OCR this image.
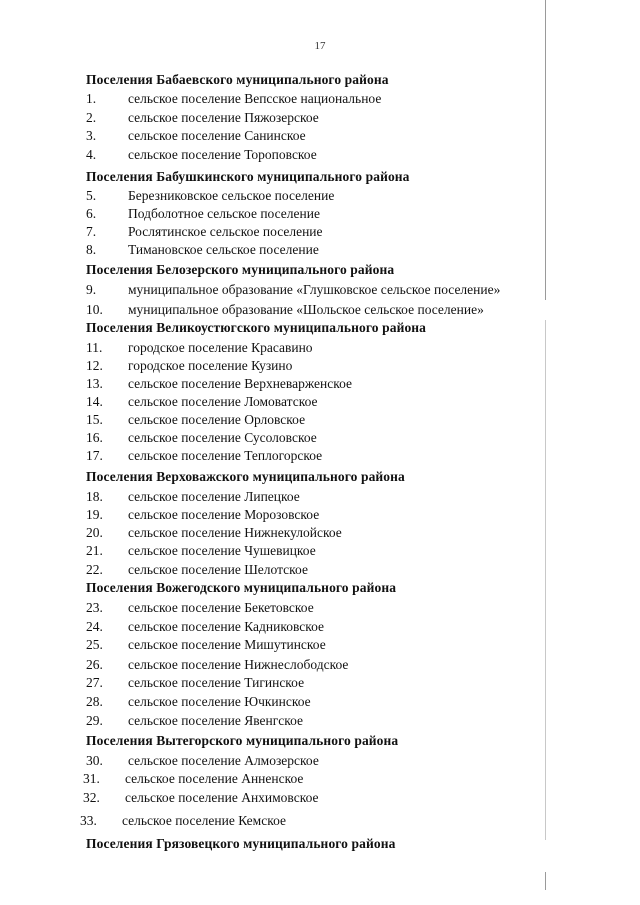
17
Поселения Бабаевского муниципального района
1.	сельское поселение Вепсское национальное
2.	сельское поселение Пяжозерское
3.	сельское поселение Санинское
4.	сельское поселение Тороповское
Поселения Бабушкинского муниципального района
5.	Березниковское сельское поселение
6.	Подболотное сельское поселение
7.	Рослятинское сельское поселение
8.	Тимановское сельское поселение
Поселения Белозерского муниципального района
9.	муниципальное образование «Глушковское сельское поселение»
10.	муниципальное образование «Шольское сельское поселение»
Поселения Великоустюгского муниципального района
11.	городское поселение Красавино
12.	городское поселение Кузино
13.	сельское поселение Верхневарженское
14.	сельское поселение Ломоватское
15.	сельское поселение Орловское
16.	сельское поселение Сусоловское
17.	сельское поселение Теплогорское
Поселения Верховажского муниципального района
18.	сельское поселение Липецкое
19.	сельское поселение Морозовское
20.	сельское поселение Нижнекулойское
21.	сельское поселение Чушевицкое
22.	сельское поселение Шелотское
Поселения Вожегодского муниципального района
23.	сельское поселение Бекетовское
24.	сельское поселение Кадниковское
25.	сельское поселение Мишутинское
26.	сельское поселение Нижнеслободское
27.	сельское поселение Тигинское
28.	сельское поселение Ючкинское
29.	сельское поселение Явенгское
Поселения Вытегорского муниципального района
30.	сельское поселение Алмозерское
31.	сельское поселение Анненское
32.	сельское поселение Анхимовское
33.	сельское поселение Кемское
Поселения Грязовецкого муниципального района
